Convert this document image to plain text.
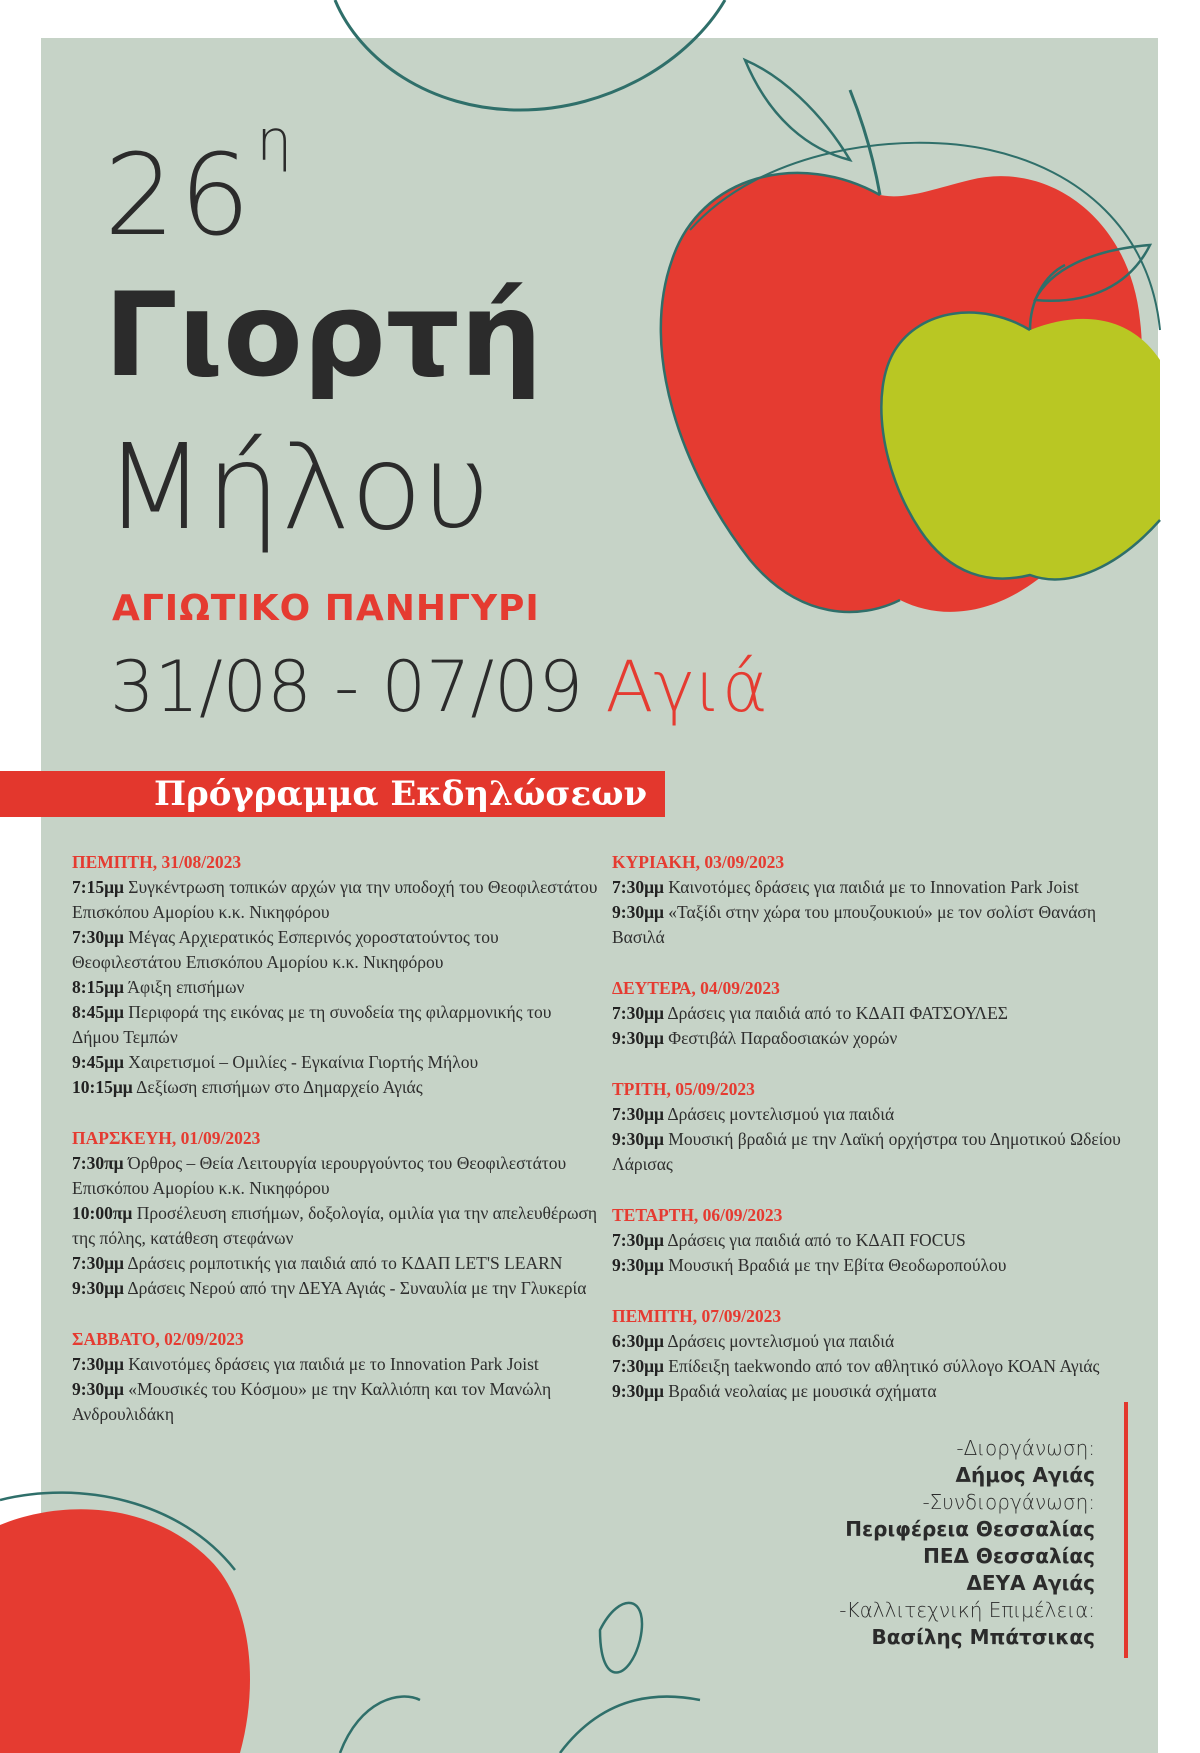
$26^\eta$
Γιορτή
Μήλου
ΑΓΙΩΤΙΚΟ ΠΑΝΗΓΥΡΙ
31/08 - 07/09 Αγιά
Πρόγραμμα Εκδηλώσεων
ΠΕΜΠΤΗ, 31/08/2023
7:15μμ Συγκέντρωση τοπικών αρχών για την υποδοχή του Θεοφιλεστάτου Επισκόπου Αμορίου κ.κ. Νικηφόρου
7:30μμ Μέγας Αρχιερατικός Εσπερινός χοροστατούντος του Θεοφιλεστάτου Επισκόπου Αμορίου κ.κ. Νικηφόρου
8:15μμ Άφιξη επισήμων
8:45μμ Περιφορά της εικόνας με τη συνοδεία της φιλαρμονικής του Δήμου Τεμπών
9:45μμ Χαιρετισμοί – Ομιλίες - Εγκαίνια Γιορτής Μήλου
10:15μμ Δεξίωση επισήμων στο Δημαρχείο Αγιάς
ΠΑΡΣΚΕΥΗ, 01/09/2023
7:30πμ Όρθρος – Θεία Λειτουργία ιερουργούντος του Θεοφιλεστάτου Επισκόπου Αμορίου κ.κ. Νικηφόρου
10:00πμ Προσέλευση επισήμων, δοξολογία, ομιλία για την απελευθέρωση της πόλης, κατάθεση στεφάνων
7:30μμ Δράσεις ρομποτικής για παιδιά από το ΚΔΑΠ LET'S LEARN
9:30μμ Δράσεις Νερού από την ΔΕΥΑ Αγιάς - Συναυλία με την Γλυκερία
ΣΑΒΒΑΤΟ, 02/09/2023
7:30μμ Καινοτόμες δράσεις για παιδιά με το Innovation Park Joist
9:30μμ «Μουσικές του Κόσμου» με την Καλλιόπη και τον Μανώλη Ανδρουλιδάκη
ΚΥΡΙΑΚΗ, 03/09/2023
7:30μμ Καινοτόμες δράσεις για παιδιά με το Innovation Park Joist
9:30μμ «Ταξίδι στην χώρα του μπουζουκιού» με τον σολίστ Θανάση Βασιλά
ΔΕΥΤΕΡΑ, 04/09/2023
7:30μμ Δράσεις για παιδιά από το ΚΔΑΠ ΦΑΤΣΟΥΛΕΣ
9:30μμ Φεστιβάλ Παραδοσιακών χορών
ΤΡΙΤΗ, 05/09/2023
7:30μμ Δράσεις μοντελισμού για παιδιά
9:30μμ Μουσική βραδιά με την Λαϊκή ορχήστρα του Δημοτικού Ωδείου Λάρισας
ΤΕΤΑΡΤΗ, 06/09/2023
7:30μμ Δράσεις για παιδιά από το ΚΔΑΠ FOCUS
9:30μμ Μουσική Βραδιά με την Εβίτα Θεοδωροπούλου
ΠΕΜΠΤΗ, 07/09/2023
6:30μμ Δράσεις μοντελισμού για παιδιά
7:30μμ Επίδειξη taekwondo από τον αθλητικό σύλλογο ΚΟΑΝ Αγιάς
9:30μμ Βραδιά νεολαίας με μουσικά σχήματα
-Διοργάνωση:
Δήμος Αγιάς
-Συνδιοργάνωση:
Περιφέρεια Θεσσαλίας
ΠΕΔ Θεσσαλίας
ΔΕΥΑ Αγιάς
-Καλλιτεχνική Επιμέλεια:
Βασίλης Μπάτσικας
